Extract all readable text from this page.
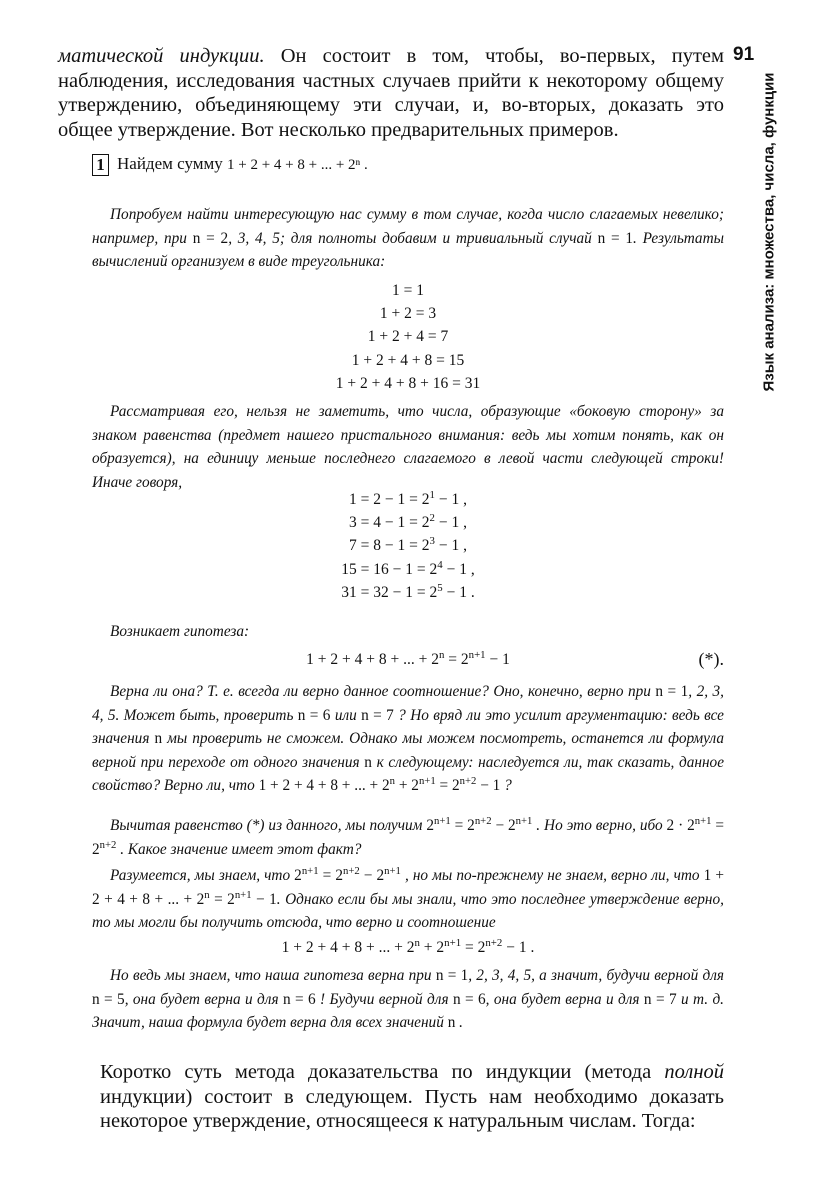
91
Язык анализа: множества, числа, функции

матической индукции. Он состоит в том, чтобы, во-первых, путем наблюдения, исследования частных случаев прийти к некоторому общему утверждению, объединяющему эти случаи, и, во-вторых, доказать это общее утверждение. Вот несколько предварительных примеров.

1 Найдем сумму 1 + 2 + 4 + 8 + ... + 2ⁿ .

Попробуем найти интересующую нас сумму в том случае, когда число слагаемых невелико; например, при n = 2, 3, 4, 5; для полноты добавим и тривиальный случай n = 1. Результаты вычислений организуем в виде треугольника:

1 = 1

1 + 2 = 3

1 + 2 + 4 = 7

1 + 2 + 4 + 8 = 15

1 + 2 + 4 + 8 + 16 = 31

Рассматривая его, нельзя не заметить, что числа, образующие «боковую сторону» за знаком равенства (предмет нашего пристального внимания: ведь мы хотим понять, как он образуется), на единицу меньше последнего слагаемого в левой части следующей строки! Иначе говоря,

$1 = 2 - 1 = 2^1 - 1$ ,

$3 = 4 - 1 = 2^2 - 1$ ,

$7 = 8 - 1 = 2^3 - 1$ ,

$15 = 16 - 1 = 2^4 - 1$ ,

$31 = 32 - 1 = 2^5 - 1$ .

Возникает гипотеза:

1 + 2 + 4 + 8 + ... + $2^n = 2^{n+1} - 1$	(*).

Верна ли она? Т. е. всегда ли верно данное соотношение? Оно, конечно, верно при n = 1, 2, 3, 4, 5. Может быть, проверить n = 6 или n = 7 ? Но вряд ли это усилит аргументацию: ведь все значения n мы проверить не сможем. Однако мы можем посмотреть, останется ли формула верной при переходе от одного значения n к следующему: наследуется ли, так сказать, данное свойство? Верно ли, что 1 + 2 + 4 + 8 + ... + $2^n + 2^{n+1} = 2^{n+2} - 1$ ?

Вычитая равенство (*) из данного, мы получим $2^{n+1} = 2^{n+2} - 2^{n+1}$ . Но это верно, ибо $2 \cdot 2^{n+1} = 2^{n+2}$ . Какое значение имеет этот факт?

Разумеется, мы знаем, что $2^{n+1} = 2^{n+2} - 2^{n+1}$ , но мы по-прежнему не знаем, верно ли, что 1 + 2 + 4 + 8 + ... + $2^n = 2^{n+1} - 1$. Однако если бы мы знали, что это последнее утверждение верно, то мы могли бы получить отсюда, что верно и соотношение

1 + 2 + 4 + 8 + ... + $2^n + 2^{n+1} = 2^{n+2} - 1$ .

Но ведь мы знаем, что наша гипотеза верна при n = 1, 2, 3, 4, 5, а значит, будучи верной для n = 5, она будет верна и для n = 6 ! Будучи верной для n = 6, она будет верна и для n = 7 и т. д. Значит, наша формула будет верна для всех значений n .

Коротко суть метода доказательства по индукции (метода полной индукции) состоит в следующем. Пусть нам необходимо доказать некоторое утверждение, относящееся к натуральным числам. Тогда:
